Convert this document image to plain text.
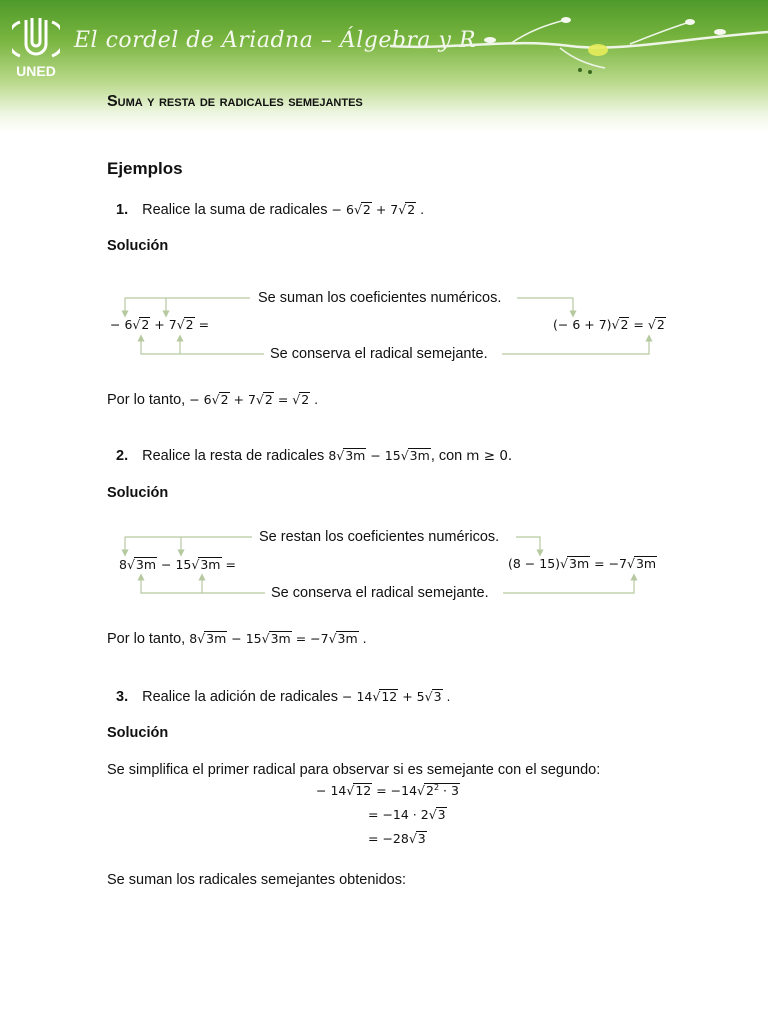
UNED
El cordel de Ariadna – Álgebra y R
Suma y resta de radicales semejantes
Ejemplos
1. Realice la suma de radicales − 6√2 + 7√2 .
Solución
Se suman los coeficientes numéricos.
− 6√2 + 7√2 =	(− 6 + 7)√2 = √2
Se conserva el radical semejante.
Por lo tanto, − 6√2 + 7√2 = √2 .
2. Realice la resta de radicales 8√3m − 15√3m, con m ≥ 0.
Solución
Se restan los coeficientes numéricos.
8√3m − 15√3m =	(8 − 15)√3m = −7√3m
Se conserva el radical semejante.
Por lo tanto, 8√3m − 15√3m = −7√3m .
3. Realice la adición de radicales − 14√12 + 5√3 .
Solución
Se simplifica el primer radical para observar si es semejante con el segundo:
− $14√12 = -14√2^2 \cdot 3$
= −14 · 2√3
= −28√3
Se suman los radicales semejantes obtenidos:
